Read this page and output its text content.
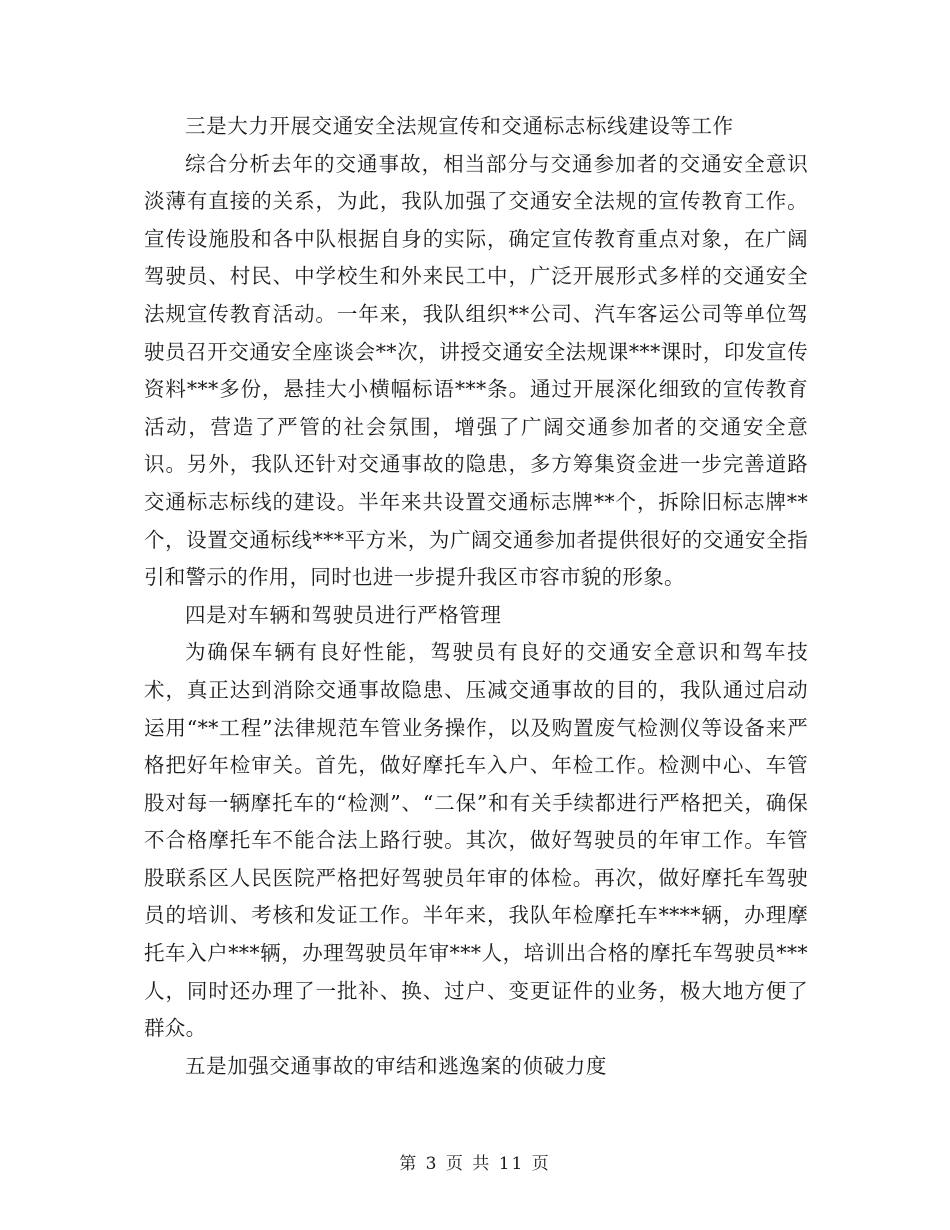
三是大力开展交通安全法规宣传和交通标志标线建设等工作

综合分析去年的交通事故，相当部分与交通参加者的交通安全意识淡薄有直接的关系，为此，我队加强了交通安全法规的宣传教育工作。宣传设施股和各中队根据自身的实际，确定宣传教育重点对象，在广阔驾驶员、村民、中学校生和外来民工中，广泛开展形式多样的交通安全法规宣传教育活动。一年来，我队组织**公司、汽车客运公司等单位驾驶员召开交通安全座谈会**次，讲授交通安全法规课***课时，印发宣传资料***多份，悬挂大小横幅标语***条。通过开展深化细致的宣传教育活动，营造了严管的社会氛围，增强了广阔交通参加者的交通安全意识。另外，我队还针对交通事故的隐患，多方筹集资金进一步完善道路交通标志标线的建设。半年来共设置交通标志牌**个，拆除旧标志牌**个，设置交通标线***平方米，为广阔交通参加者提供很好的交通安全指引和警示的作用，同时也进一步提升我区市容市貌的形象。

四是对车辆和驾驶员进行严格管理

为确保车辆有良好性能，驾驶员有良好的交通安全意识和驾车技术，真正达到消除交通事故隐患、压减交通事故的目的，我队通过启动运用“**工程”法律规范车管业务操作，以及购置废气检测仪等设备来严格把好年检审关。首先，做好摩托车入户、年检工作。检测中心、车管股对每一辆摩托车的“检测”、“二保”和有关手续都进行严格把关，确保不合格摩托车不能合法上路行驶。其次，做好驾驶员的年审工作。车管股联系区人民医院严格把好驾驶员年审的体检。再次，做好摩托车驾驶员的培训、考核和发证工作。半年来，我队年检摩托车****辆，办理摩托车入户***辆，办理驾驶员年审***人，培训出合格的摩托车驾驶员***人，同时还办理了一批补、换、过户、变更证件的业务，极大地方便了群众。

五是加强交通事故的审结和逃逸案的侦破力度

第 3 页 共 11 页
